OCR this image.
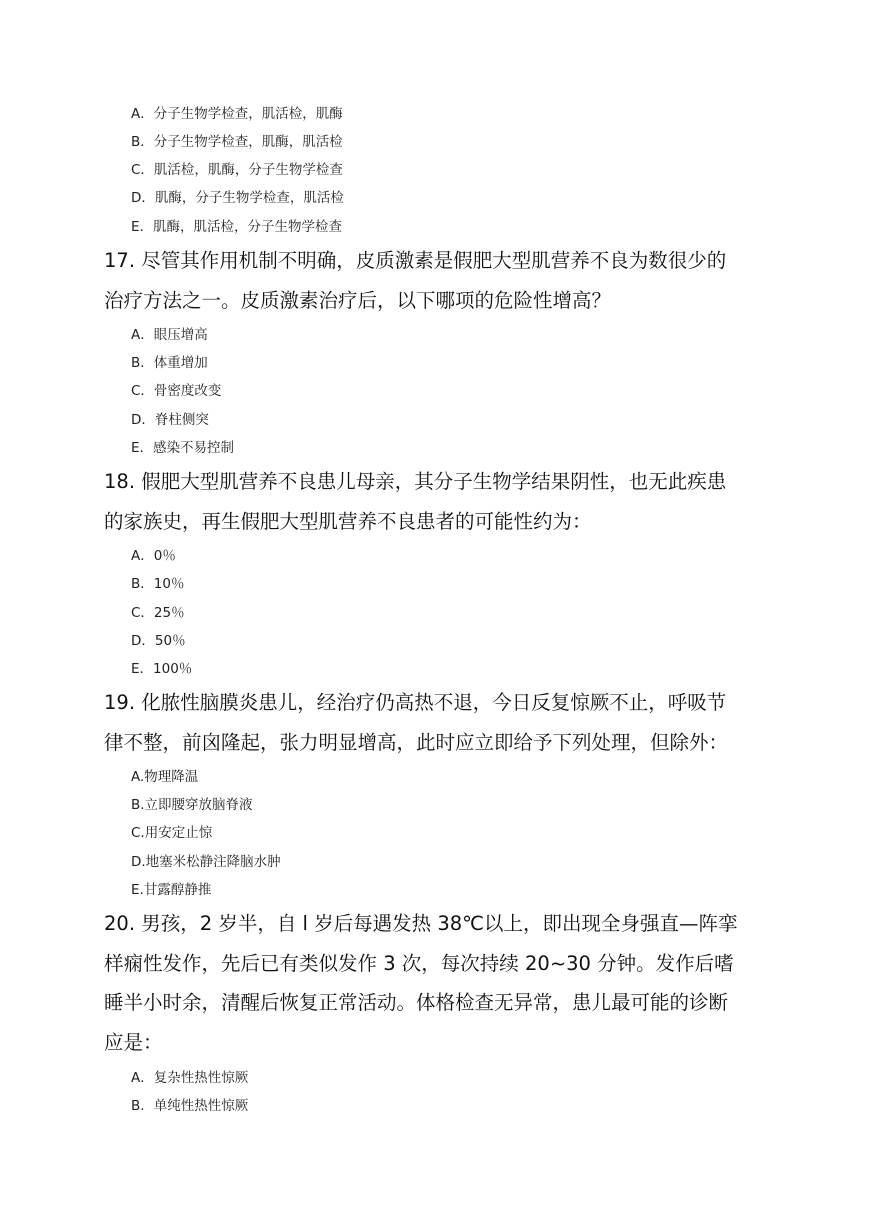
A．分子生物学检查，肌活检，肌酶
B．分子生物学检查，肌酶，肌活检
C．肌活检，肌酶，分子生物学检查
D．肌酶，分子生物学检查，肌活检
E．肌酶，肌活检，分子生物学检查
17. 尽管其作用机制不明确，皮质激素是假肥大型肌营养不良为数很少的
治疗方法之一。皮质激素治疗后，以下哪项的危险性增高？
A．眼压增高
B．体重增加
C．骨密度改变
D．脊柱侧突
E．感染不易控制
18. 假肥大型肌营养不良患儿母亲，其分子生物学结果阴性，也无此疾患
的家族史，再生假肥大型肌营养不良患者的可能性约为：
A．0％
B．10％
C．25％
D．50％
E．100％
19. 化脓性脑膜炎患儿，经治疗仍高热不退，今日反复惊厥不止，呼吸节
律不整，前囟隆起，张力明显增高，此时应立即给予下列处理，但除外：
A.物理降温
B.立即腰穿放脑脊液
C.用安定止惊
D.地塞米松静注降脑水肿
E.甘露醇静推
20. 男孩，2 岁半，自 l 岁后每遇发热 38℃以上，即出现全身强直—阵挛
样痫性发作，先后已有类似发作 3 次，每次持续 20~30 分钟。发作后嗜
睡半小时余，清醒后恢复正常活动。体格检查无异常，患儿最可能的诊断
应是：
A．复杂性热性惊厥
B．单纯性热性惊厥
